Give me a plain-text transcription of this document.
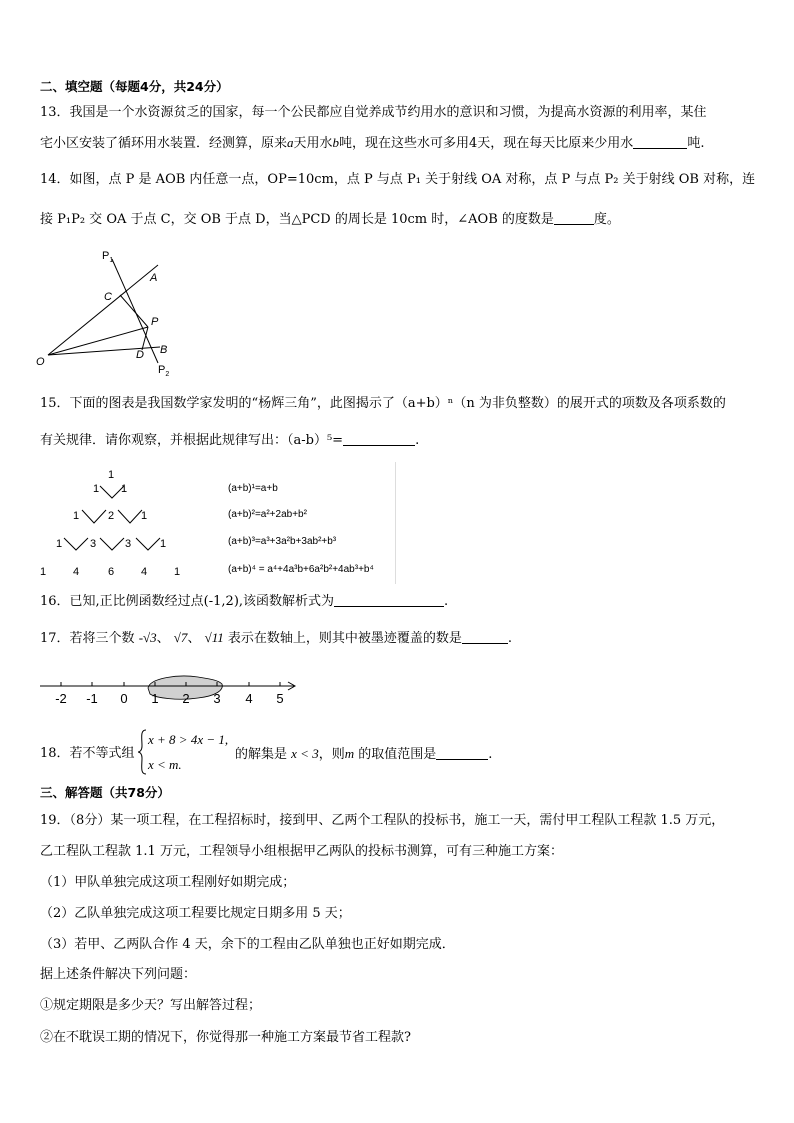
二、填空题（每题4分，共24分）
13．我国是一个水资源贫乏的国家，每一个公民都应自觉养成节约用水的意识和习惯，为提高水资源的利用率，某住
宅小区安装了循环用水装置．经测算，原来a天用水b吨，现在这些水可多用4天，现在每天比原来少用水	吨.
14．如图，点 P 是 AOB 内任意一点，OP=10cm，点 P 与点 P₁ 关于射线 OA 对称，点 P 与点 P₂ 关于射线 OB 对称，连
接 P₁P₂ 交 OA 于点 C，交 OB 于点 D，当△PCD 的周长是 10cm 时，∠AOB 的度数是	度。
$P_1$
A
C
P
O
D B
$P_2$
15．下面的图表是我国数学家发明的“杨辉三角”，此图揭示了（a+b）ⁿ（n 为非负整数）的展开式的项数及各项系数的
有关规律．请你观察，并根据此规律写出：（a-b）⁵=	.
1
1 1
1	2 1
1	3	3	1
1 4	6 4 1
(a+b)¹=a+b
(a+b)²=a²+2ab+b²
(a+b)³=a³+3a²b+3ab²+b³
(a+b)⁴ = a⁴+4a³b+6a²b²+4ab³+b⁴
16．已知,正比例函数经过点(-1,2),该函数解析式为	.
17．若将三个数 -√3、 √7、 √11 表示在数轴上，则其中被墨迹覆盖的数是	.
-2 -1 0 1 2 3 4 5
18．若不等式组
x + 8 > 4x − 1,
x < m.
的解集是 x < 3，则m 的取值范围是	.
三、解答题（共78分）
19．（8分）某一项工程，在工程招标时，接到甲、乙两个工程队的投标书，施工一天，需付甲工程队工程款 1.5 万元，
乙工程队工程款 1.1 万元，工程领导小组根据甲乙两队的投标书测算，可有三种施工方案：
（1）甲队单独完成这项工程刚好如期完成；
（2）乙队单独完成这项工程要比规定日期多用 5 天；
（3）若甲、乙两队合作 4 天，余下的工程由乙队单独也正好如期完成．
据上述条件解决下列问题：
①规定期限是多少天？写出解答过程；
②在不耽误工期的情况下，你觉得那一种施工方案最节省工程款?
